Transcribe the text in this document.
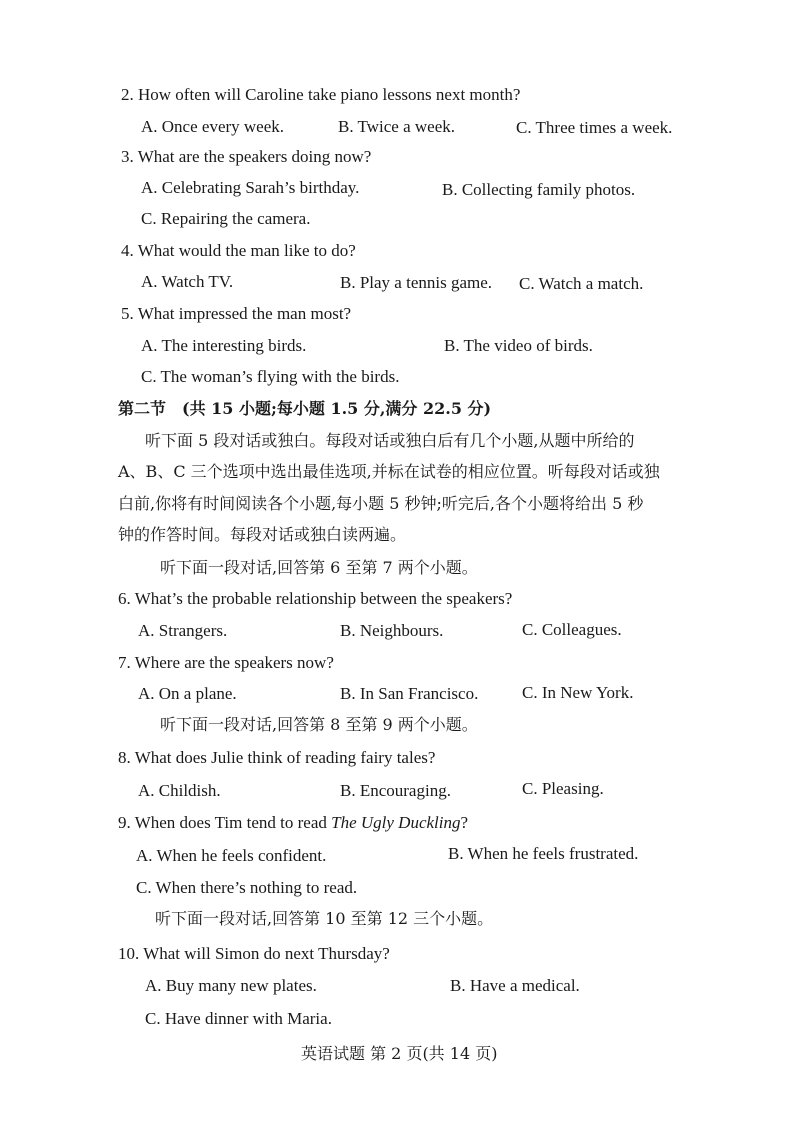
2. How often will Caroline take piano lessons next month?
A. Once every week.	B. Twice a week.	C. Three times a week.
3. What are the speakers doing now?
A. Celebrating Sarah’s birthday.	B. Collecting family photos.
C. Repairing the camera.
4. What would the man like to do?
A. Watch TV.	B. Play a tennis game. C. Watch a match.
5. What impressed the man most?
A. The interesting birds.	B. The video of birds.
C. The woman’s flying with the birds.
第二节　(共 15 小题;每小题 1.5 分,满分 22.5 分)
听下面 5 段对话或独白。每段对话或独白后有几个小题,从题中所给的
A、B、C 三个选项中选出最佳选项,并标在试卷的相应位置。听每段对话或独
白前,你将有时间阅读各个小题,每小题 5 秒钟;听完后,各个小题将给出 5 秒
钟的作答时间。每段对话或独白读两遍。
听下面一段对话,回答第 6 至第 7 两个小题。
6. What’s the probable relationship between the speakers?
A. Strangers.	B. Neighbours.	C. Colleagues.
7. Where are the speakers now?
A. On a plane.	B. In San Francisco.	C. In New York.
听下面一段对话,回答第 8 至第 9 两个小题。
8. What does Julie think of reading fairy tales?
A. Childish.	B. Encouraging.	C. Pleasing.
9. When does Tim tend to read The Ugly Duckling?
A. When he feels confident.	B. When he feels frustrated.
C. When there’s nothing to read.
听下面一段对话,回答第 10 至第 12 三个小题。
10. What will Simon do next Thursday?
A. Buy many new plates.	B. Have a medical.
C. Have dinner with Maria.
英语试题 第 2 页(共 14 页)
